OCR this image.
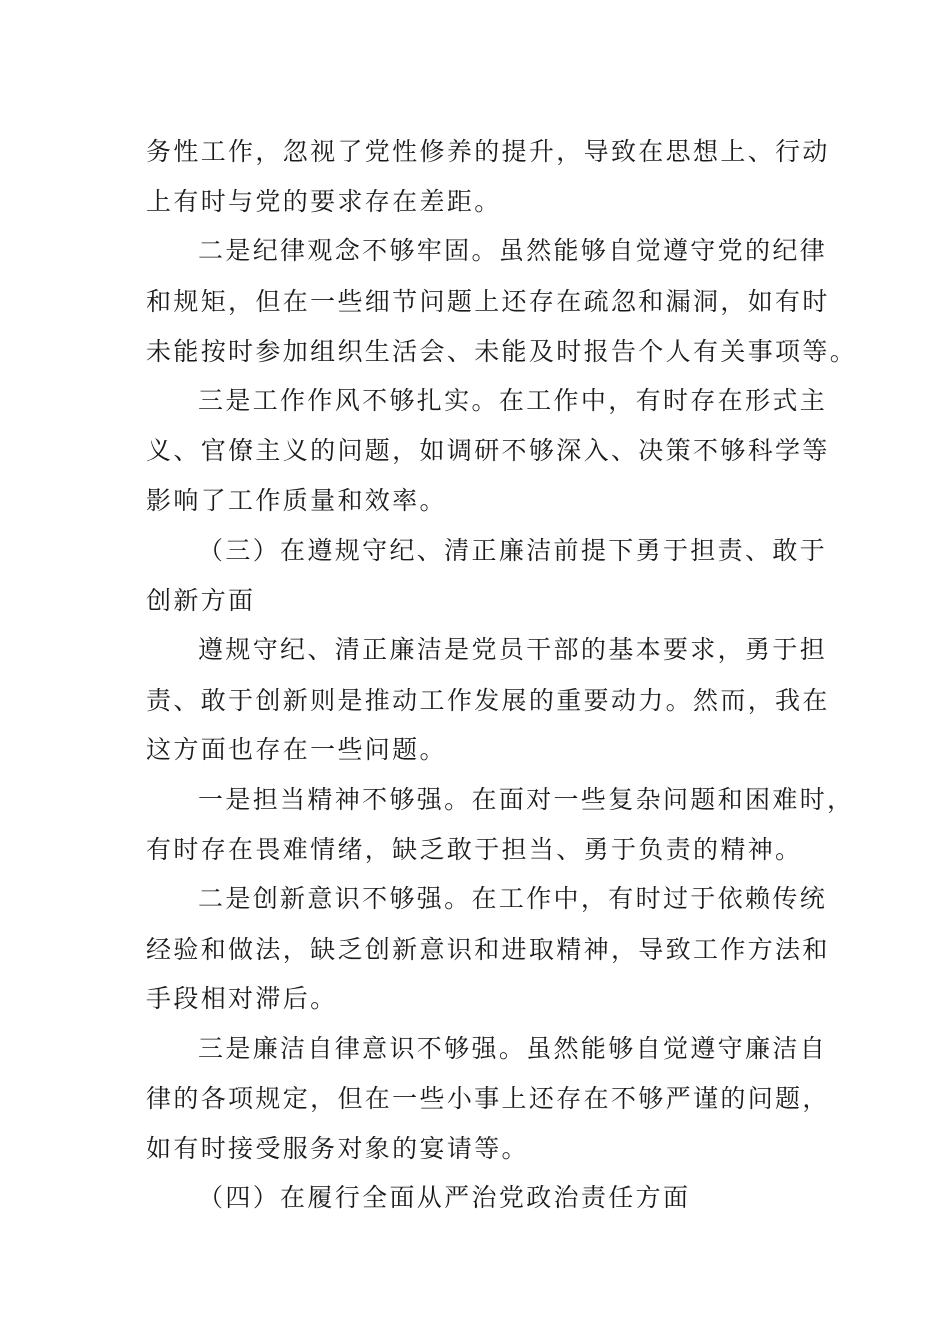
务性工作，忽视了党性修养的提升，导致在思想上、行动
上有时与党的要求存在差距。
二是纪律观念不够牢固。虽然能够自觉遵守党的纪律
和规矩，但在一些细节问题上还存在疏忽和漏洞，如有时
未能按时参加组织生活会、未能及时报告个人有关事项等。
三是工作作风不够扎实。在工作中，有时存在形式主
义、官僚主义的问题，如调研不够深入、决策不够科学等
影响了工作质量和效率。
（三）在遵规守纪、清正廉洁前提下勇于担责、敢于
创新方面
遵规守纪、清正廉洁是党员干部的基本要求，勇于担
责、敢于创新则是推动工作发展的重要动力。然而，我在
这方面也存在一些问题。
一是担当精神不够强。在面对一些复杂问题和困难时，
有时存在畏难情绪，缺乏敢于担当、勇于负责的精神。
二是创新意识不够强。在工作中，有时过于依赖传统
经验和做法，缺乏创新意识和进取精神，导致工作方法和
手段相对滞后。
三是廉洁自律意识不够强。虽然能够自觉遵守廉洁自
律的各项规定，但在一些小事上还存在不够严谨的问题，
如有时接受服务对象的宴请等。
（四）在履行全面从严治党政治责任方面
